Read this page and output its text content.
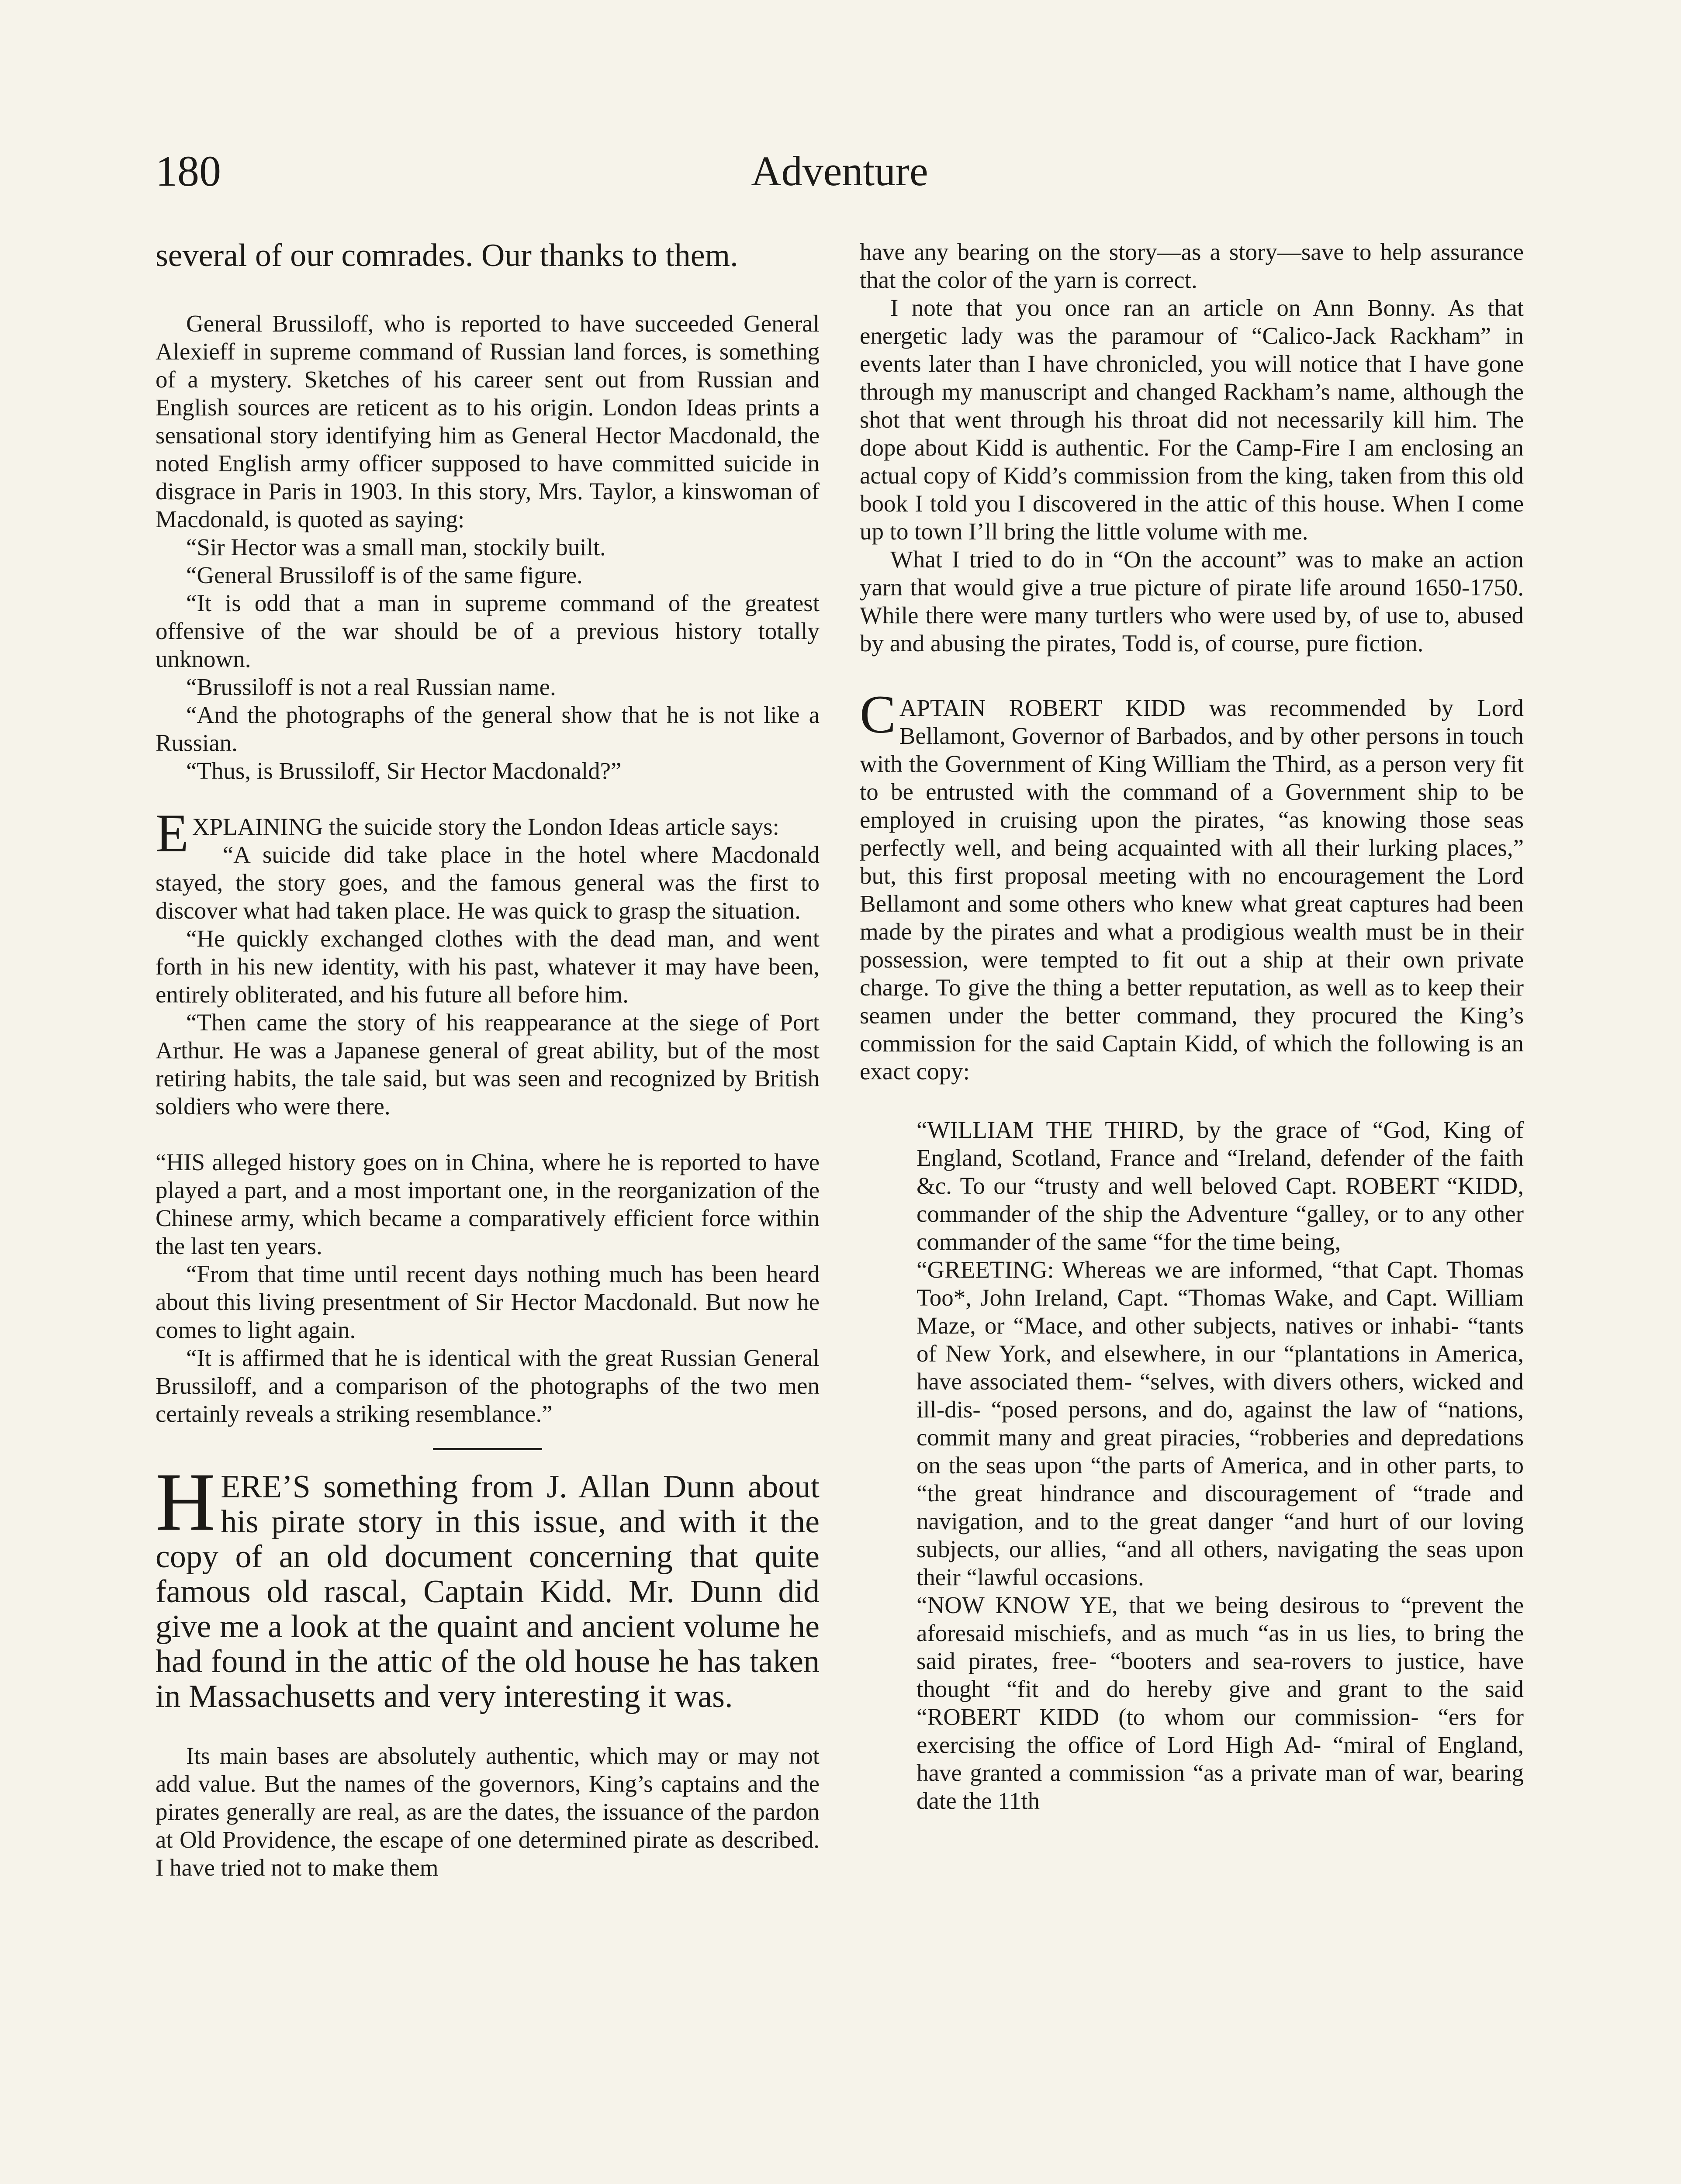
180	Adventure

several of our comrades. Our thanks to them.

General Brussiloff, who is reported to have succeeded General Alexieff in supreme command of Russian land forces, is something of a mystery. Sketches of his career sent out from Russian and English sources are reticent as to his origin. London Ideas prints a sensational story identifying him as General Hector Macdonald, the noted English army officer supposed to have committed suicide in disgrace in Paris in 1903. In this story, Mrs. Taylor, a kinswoman of Macdonald, is quoted as saying:

“Sir Hector was a small man, stockily built.

“General Brussiloff is of the same figure.

“It is odd that a man in supreme command of the greatest offensive of the war should be of a previous history totally unknown.

“Brussiloff is not a real Russian name.

“And the photographs of the general show that he is not like a Russian.

“Thus, is Brussiloff, Sir Hector Macdonald?”

EXPLAINING the suicide story the London Ideas article says:

“A suicide did take place in the hotel where Macdonald stayed, the story goes, and the famous general was the first to discover what had taken place. He was quick to grasp the situation.

“He quickly exchanged clothes with the dead man, and went forth in his new identity, with his past, whatever it may have been, entirely obliterated, and his future all before him.

“Then came the story of his reappearance at the siege of Port Arthur. He was a Japanese general of great ability, but of the most retiring habits, the tale said, but was seen and recognized by British soldiers who were there.

“HIS alleged history goes on in China, where he is reported to have played a part, and a most important one, in the reorganization of the Chinese army, which became a comparatively efficient force within the last ten years.

“From that time until recent days nothing much has been heard about this living presentment of Sir Hector Macdonald. But now he comes to light again.

“It is affirmed that he is identical with the great Russian General Brussiloff, and a comparison of the photographs of the two men certainly reveals a striking resemblance.”

HERE’S something from J. Allan Dunn about his pirate story in this issue, and with it the copy of an old document concerning that quite famous old rascal, Captain Kidd. Mr. Dunn did give me a look at the quaint and ancient volume he had found in the attic of the old house he has taken in Massachusetts and very interesting it was.

Its main bases are absolutely authentic, which may or may not add value. But the names of the governors, King’s captains and the pirates generally are real, as are the dates, the issuance of the pardon at Old Providence, the escape of one determined pirate as described. I have tried not to make them

have any bearing on the story—as a story—save to help assurance that the color of the yarn is correct.

I note that you once ran an article on Ann Bonny. As that energetic lady was the paramour of “Calico-Jack Rackham” in events later than I have chronicled, you will notice that I have gone through my manuscript and changed Rackham’s name, although the shot that went through his throat did not necessarily kill him. The dope about Kidd is authentic. For the Camp-Fire I am enclosing an actual copy of Kidd’s commission from the king, taken from this old book I told you I discovered in the attic of this house. When I come up to town I’ll bring the little volume with me.

What I tried to do in “On the account” was to make an action yarn that would give a true picture of pirate life around 1650-1750. While there were many turtlers who were used by, of use to, abused by and abusing the pirates, Todd is, of course, pure fiction.

CAPTAIN ROBERT KIDD was recommended by Lord Bellamont, Governor of Barbados, and by other persons in touch with the Government of King William the Third, as a person very fit to be entrusted with the command of a Government ship to be employed in cruising upon the pirates, “as knowing those seas perfectly well, and being acquainted with all their lurking places,” but, this first proposal meeting with no encouragement the Lord Bellamont and some others who knew what great captures had been made by the pirates and what a prodigious wealth must be in their possession, were tempted to fit out a ship at their own private charge. To give the thing a better reputation, as well as to keep their seamen under the better command, they procured the King’s commission for the said Captain Kidd, of which the following is an exact copy:

“WILLIAM THE THIRD, by the grace of “God, King of England, Scotland, France and “Ireland, defender of the faith &c. To our “trusty and well beloved Capt. ROBERT “KIDD, commander of the ship the Adventure “galley, or to any other commander of the same “for the time being,

“GREETING: Whereas we are informed, “that Capt. Thomas Too*, John Ireland, Capt. “Thomas Wake, and Capt. William Maze, or “Mace, and other subjects, natives or inhabi- “tants of New York, and elsewhere, in our “plantations in America, have associated them- “selves, with divers others, wicked and ill-dis- “posed persons, and do, against the law of “nations, commit many and great piracies, “robberies and depredations on the seas upon “the parts of America, and in other parts, to “the great hindrance and discouragement of “trade and navigation, and to the great danger “and hurt of our loving subjects, our allies, “and all others, navigating the seas upon their “lawful occasions.

“NOW KNOW YE, that we being desirous to “prevent the aforesaid mischiefs, and as much “as in us lies, to bring the said pirates, free- “booters and sea-rovers to justice, have thought “fit and do hereby give and grant to the said “ROBERT KIDD (to whom our commission- “ers for exercising the office of Lord High Ad- “miral of England, have granted a commission “as a private man of war, bearing date the 11th
